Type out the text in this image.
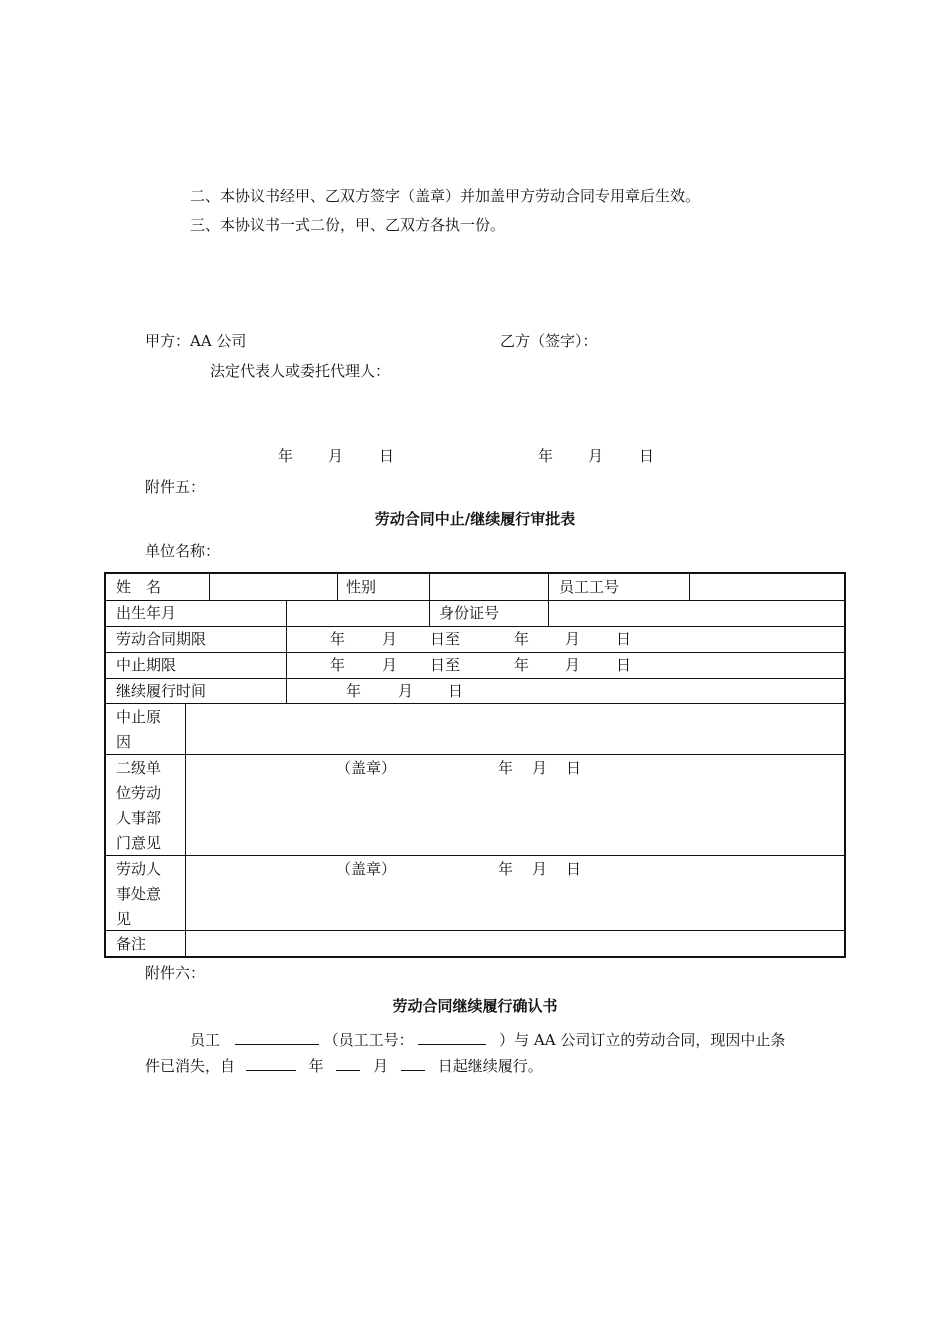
二、本协议书经甲、乙双方签字（盖章）并加盖甲方劳动合同专用章后生效。
三、本协议书一式二份，甲、乙双方各执一份。
甲方：AA 公司	乙方（签字）：
法定代表人或委托代理人：
年 月 日	年 月 日
附件五：
劳动合同中止/继续履行审批表
单位名称：
姓　名	性别	员工工号
出生年月	身份证号
劳动合同期限	年 月 日至	年 月 日
中止期限	年 月 日至	年 月 日
继续履行时间	年 月 日
中止原
因
二级单
位劳动
人事部
门意见
（盖章）	年 月 日
劳动人
事处意
见
（盖章）	年 月 日
备注
附件六：
劳动合同继续履行确认书
员工	（员工工号：	）与 AA 公司订立的劳动合同，现因中止条
件已消失，自	年	月	日起继续履行。
